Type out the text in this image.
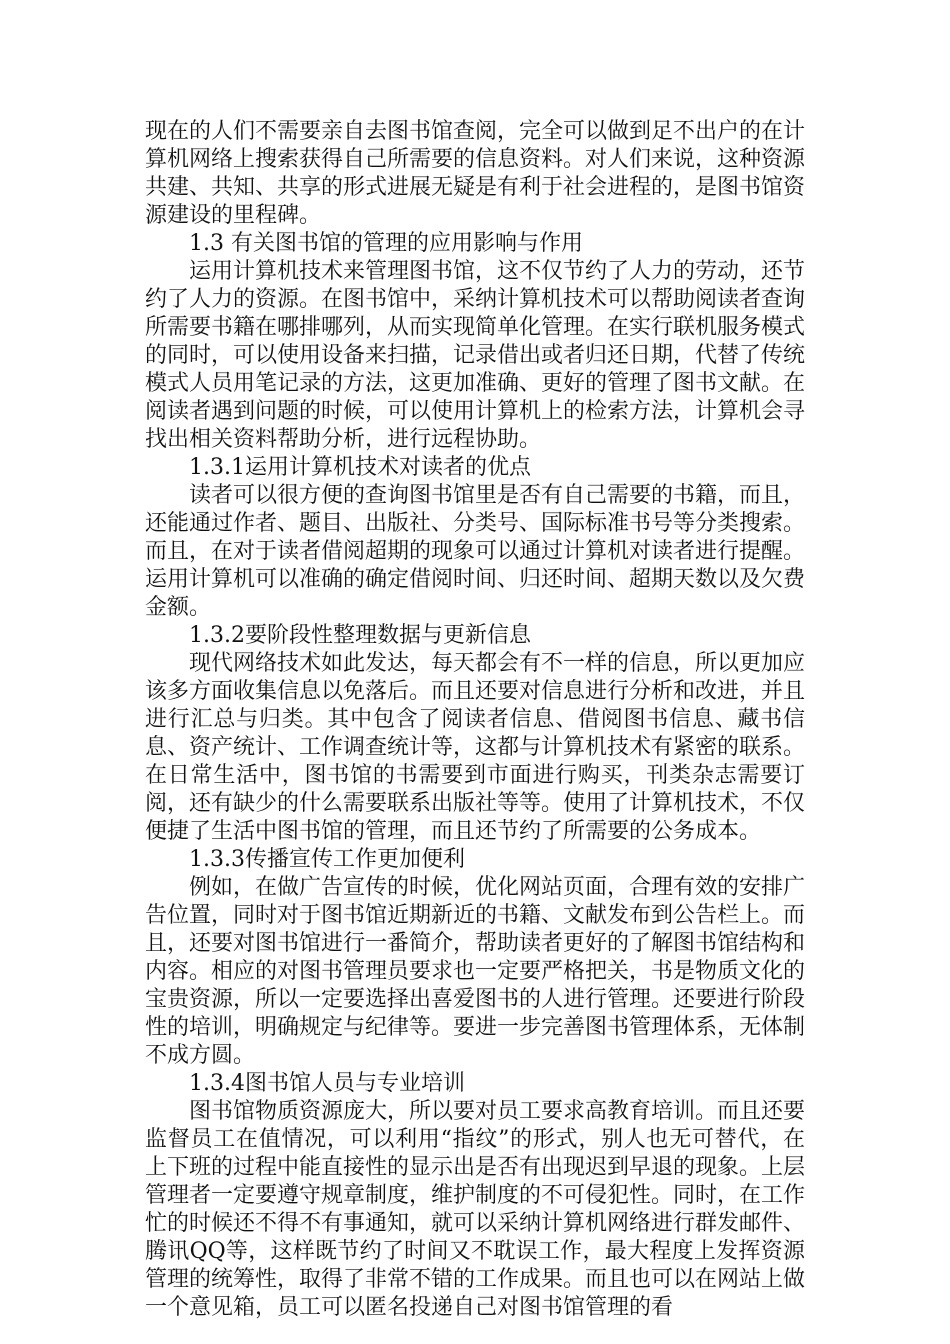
现在的人们不需要亲自去图书馆查阅，完全可以做到足不出户的在计算机网络上搜索获得自己所需要的信息资料。对人们来说，这种资源共建、共知、共享的形式进展无疑是有利于社会进程的，是图书馆资源建设的里程碑。

1.3 有关图书馆的管理的应用影响与作用

运用计算机技术来管理图书馆，这不仅节约了人力的劳动，还节约了人力的资源。在图书馆中，采纳计算机技术可以帮助阅读者查询所需要书籍在哪排哪列，从而实现简单化管理。在实行联机服务模式的同时，可以使用设备来扫描，记录借出或者归还日期，代替了传统模式人员用笔记录的方法，这更加准确、更好的管理了图书文献。在阅读者遇到问题的时候，可以使用计算机上的检索方法，计算机会寻找出相关资料帮助分析，进行远程协助。

1.3.1运用计算机技术对读者的优点

读者可以很方便的查询图书馆里是否有自己需要的书籍，而且，还能通过作者、题目、出版社、分类号、国际标准书号等分类搜索。而且，在对于读者借阅超期的现象可以通过计算机对读者进行提醒。运用计算机可以准确的确定借阅时间、归还时间、超期天数以及欠费金额。

1.3.2要阶段性整理数据与更新信息

现代网络技术如此发达，每天都会有不一样的信息，所以更加应该多方面收集信息以免落后。而且还要对信息进行分析和改进，并且进行汇总与归类。其中包含了阅读者信息、借阅图书信息、藏书信息、资产统计、工作调查统计等，这都与计算机技术有紧密的联系。在日常生活中，图书馆的书需要到市面进行购买，刊类杂志需要订阅，还有缺少的什么需要联系出版社等等。使用了计算机技术，不仅便捷了生活中图书馆的管理，而且还节约了所需要的公务成本。

1.3.3传播宣传工作更加便利

例如，在做广告宣传的时候，优化网站页面，合理有效的安排广告位置，同时对于图书馆近期新近的书籍、文献发布到公告栏上。而且，还要对图书馆进行一番简介，帮助读者更好的了解图书馆结构和内容。相应的对图书管理员要求也一定要严格把关，书是物质文化的宝贵资源，所以一定要选择出喜爱图书的人进行管理。还要进行阶段性的培训，明确规定与纪律等。要进一步完善图书管理体系，无体制不成方圆。

1.3.4图书馆人员与专业培训

图书馆物质资源庞大，所以要对员工要求高教育培训。而且还要监督员工在值情况，可以利用“指纹”的形式，别人也无可替代，在上下班的过程中能直接性的显示出是否有出现迟到早退的现象。上层管理者一定要遵守规章制度，维护制度的不可侵犯性。同时，在工作忙的时候还不得不有事通知，就可以采纳计算机网络进行群发邮件、腾讯QQ等，这样既节约了时间又不耽误工作，最大程度上发挥资源管理的统筹性，取得了非常不错的工作成果。而且也可以在网站上做一个意见箱，员工可以匿名投递自己对图书馆管理的看
